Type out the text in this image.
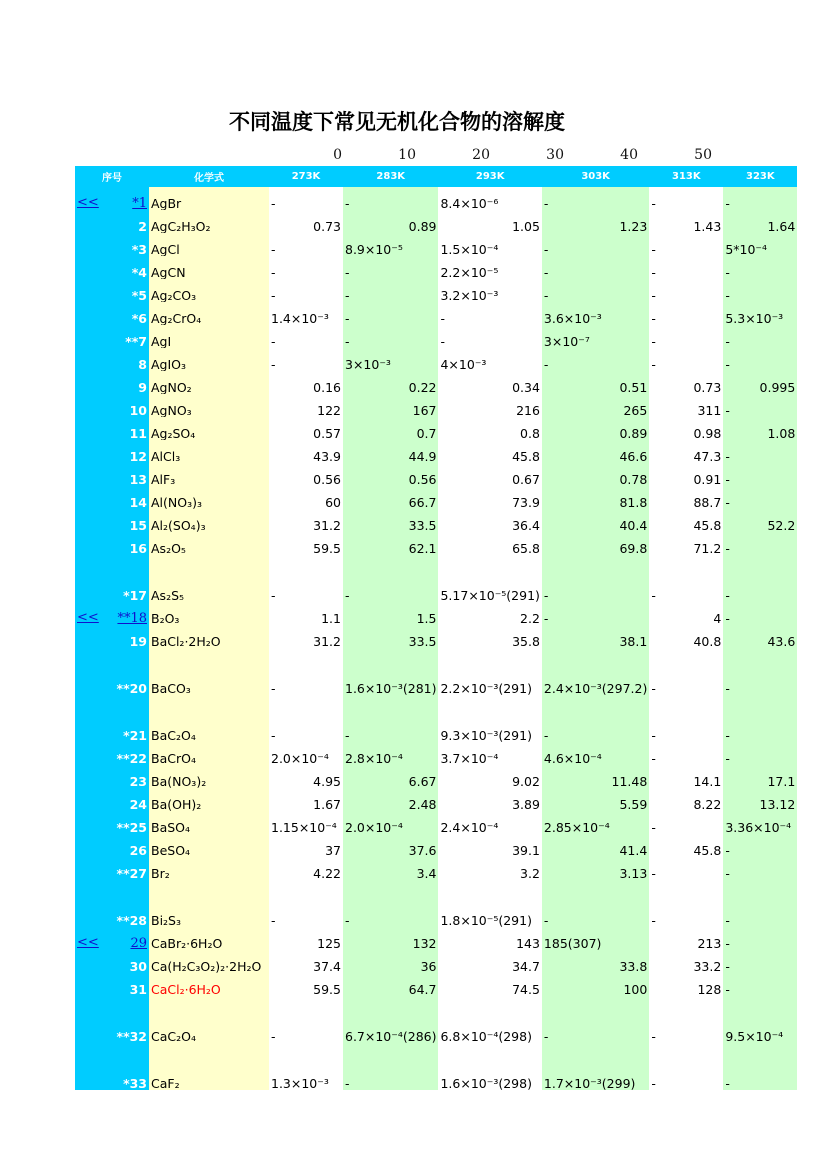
不同温度下常见无机化合物的溶解度
		0	10	20	30	40	50
序号	化学式	273K	283K	293K	303K	313K	323K

<< *1	AgBr	-	-	8.4×10⁻⁶	-	-	-
2	AgC₂H₃O₂	0.73	0.89	1.05	1.23	1.43	1.64
*3	AgCl	-	8.9×10⁻⁵	1.5×10⁻⁴	-	-	5*10⁻⁴
*4	AgCN	-	-	2.2×10⁻⁵	-	-	-
*5	Ag₂CO₃	-	-	3.2×10⁻³	-	-	-
*6	Ag₂CrO₄	1.4×10⁻³	-	-	3.6×10⁻³	-	5.3×10⁻³
**7	AgI	-	-	-	3×10⁻⁷	-	-
8	AgIO₃	-	3×10⁻³	4×10⁻³	-	-	-
9	AgNO₂	0.16	0.22	0.34	0.51	0.73	0.995
10	AgNO₃	122	167	216	265	311	-
11	Ag₂SO₄	0.57	0.7	0.8	0.89	0.98	1.08
12	AlCl₃	43.9	44.9	45.8	46.6	47.3	-
13	AlF₃	0.56	0.56	0.67	0.78	0.91	-
14	Al(NO₃)₃	60	66.7	73.9	81.8	88.7	-
15	Al₂(SO₄)₃	31.2	33.5	36.4	40.4	45.8	52.2
16	As₂O₅	59.5	62.1	65.8	69.8	71.2	-
*17	As₂S₅	-	-	5.17×10⁻⁵(291)	-	-	-

<< **18	B₂O₃	1.1	1.5	2.2	-	4	-
19	BaCl₂·2H₂O	31.2	33.5	35.8	38.1	40.8	43.6
**20	BaCO₃	-	1.6×10⁻³(281)	2.2×10⁻³(291)	2.4×10⁻³(297.2)	-	-
*21	BaC₂O₄	-	-	9.3×10⁻³(291)	-	-	-
**22	BaCrO₄	2.0×10⁻⁴	2.8×10⁻⁴	3.7×10⁻⁴	4.6×10⁻⁴	-	-
23	Ba(NO₃)₂	4.95	6.67	9.02	11.48	14.1	17.1
24	Ba(OH)₂	1.67	2.48	3.89	5.59	8.22	13.12
**25	BaSO₄	1.15×10⁻⁴	2.0×10⁻⁴	2.4×10⁻⁴	2.85×10⁻⁴	-	3.36×10⁻⁴
26	BeSO₄	37	37.6	39.1	41.4	45.8	-
**27	Br₂	4.22	3.4	3.2	3.13	-	-
**28	Bi₂S₃	-	-	1.8×10⁻⁵(291)	-	-	-

<< 29	CaBr₂·6H₂O	125	132	143	185(307)	213	-
30	Ca(H₂C₃O₂)₂·2H₂O	37.4	36	34.7	33.8	33.2	-
31	CaCl₂·6H₂O	59.5	64.7	74.5	100	128	-
**32	CaC₂O₄	-	6.7×10⁻⁴(286)	6.8×10⁻⁴(298)	-	-	9.5×10⁻⁴
*33	CaF₂	1.3×10⁻³	-	1.6×10⁻³(298)	1.7×10⁻³(299)	-	-
